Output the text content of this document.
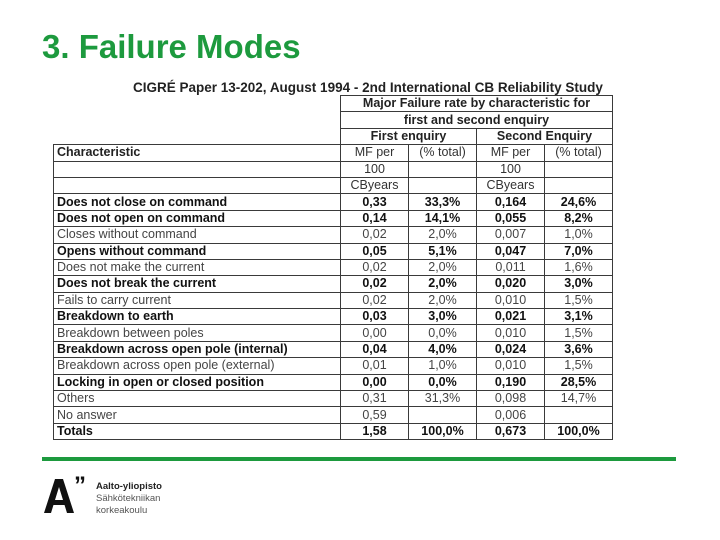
3. Failure Modes
CIGRÉ Paper 13-202, August 1994 - 2nd International CB Reliability Study
	Major Failure rate by characteristic for			
	first and second enquiry			
	First enquiry		Second Enquiry	
Characteristic	MF per	(% total)	MF per	(% total)
	100		100	
	CByears		CByears	
Does not close on command	0,33	33,3%	0,164	24,6%
Does not open on command	0,14	14,1%	0,055	8,2%
Closes without command	0,02	2,0%	0,007	1,0%
Opens without command	0,05	5,1%	0,047	7,0%
Does not make the current	0,02	2,0%	0,011	1,6%
Does not break the current	0,02	2,0%	0,020	3,0%
Fails to carry current	0,02	2,0%	0,010	1,5%
Breakdown to earth	0,03	3,0%	0,021	3,1%
Breakdown between poles	0,00	0,0%	0,010	1,5%
Breakdown across open pole (internal)	0,04	4,0%	0,024	3,6%
Breakdown across open pole (external)	0,01	1,0%	0,010	1,5%
Locking in open or closed position	0,00	0,0%	0,190	28,5%
Others	0,31	31,3%	0,098	14,7%
No answer	0,59		0,006	
Totals	1,58	100,0%	0,673	100,0%
” Aalto-yliopisto
Sähkötekniikan
korkeakoulu
